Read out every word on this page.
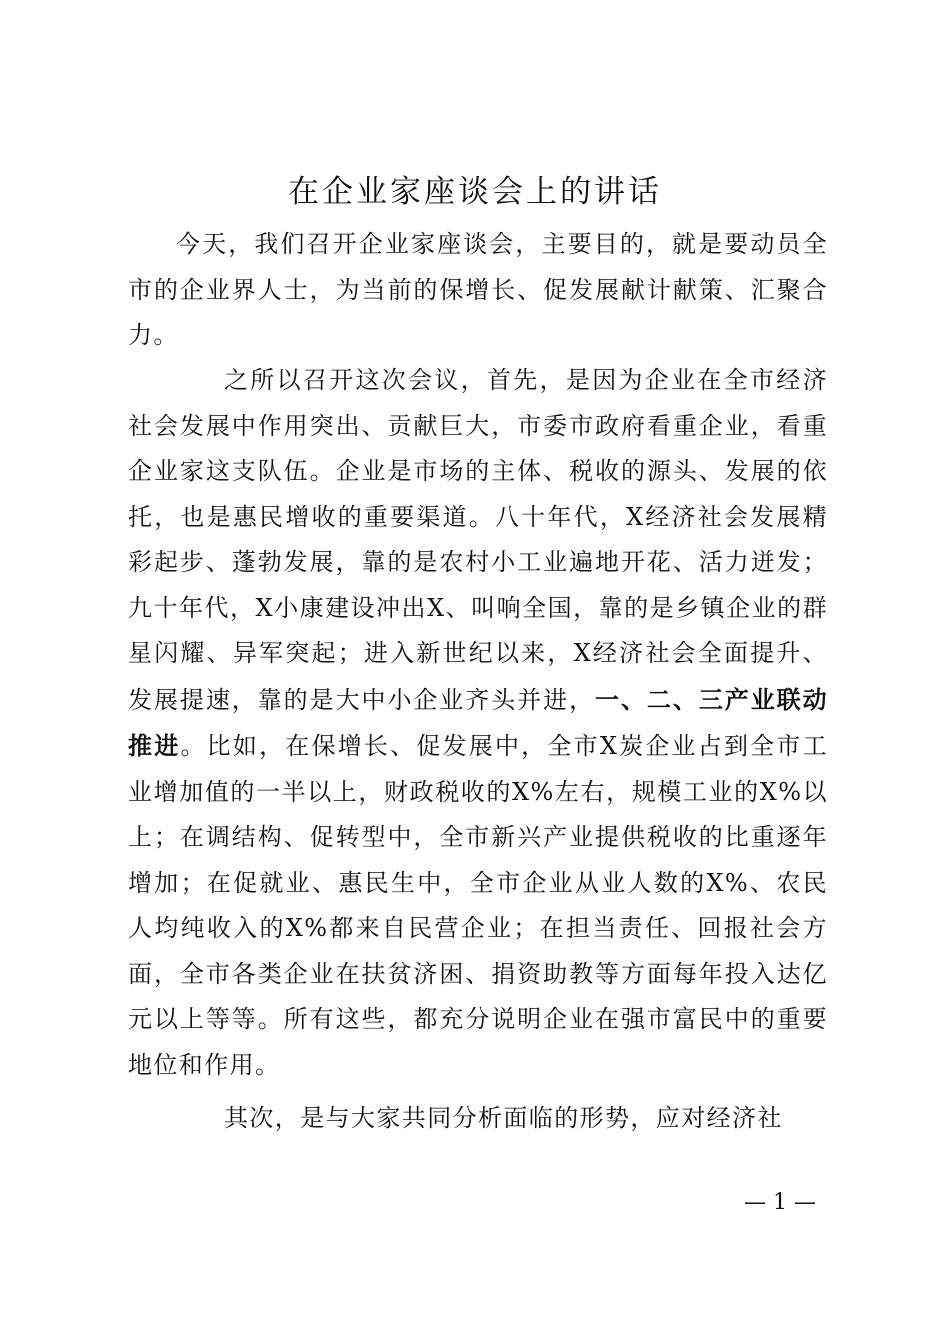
在企业家座谈会上的讲话

今天，我们召开企业家座谈会，主要目的，就是要动员全市的企业界人士，为当前的保增长、促发展献计献策、汇聚合力。

之所以召开这次会议，首先，是因为企业在全市经济社会发展中作用突出、贡献巨大，市委市政府看重企业，看重企业家这支队伍。企业是市场的主体、税收的源头、发展的依托，也是惠民增收的重要渠道。八十年代，X经济社会发展精彩起步、蓬勃发展，靠的是农村小工业遍地开花、活力迸发；九十年代，X小康建设冲出X、叫响全国，靠的是乡镇企业的群星闪耀、异军突起；进入新世纪以来，X经济社会全面提升、发展提速，靠的是大中小企业齐头并进，一、二、三产业联动推进。比如，在保增长、促发展中，全市X炭企业占到全市工业增加值的一半以上，财政税收的X%左右，规模工业的X%以上；在调结构、促转型中，全市新兴产业提供税收的比重逐年增加；在促就业、惠民生中，全市企业从业人数的X%、农民人均纯收入的X%都来自民营企业；在担当责任、回报社会方面，全市各类企业在扶贫济困、捐资助教等方面每年投入达亿元以上等等。所有这些，都充分说明企业在强市富民中的重要地位和作用。

其次，是与大家共同分析面临的形势，应对经济社

— 1 —
